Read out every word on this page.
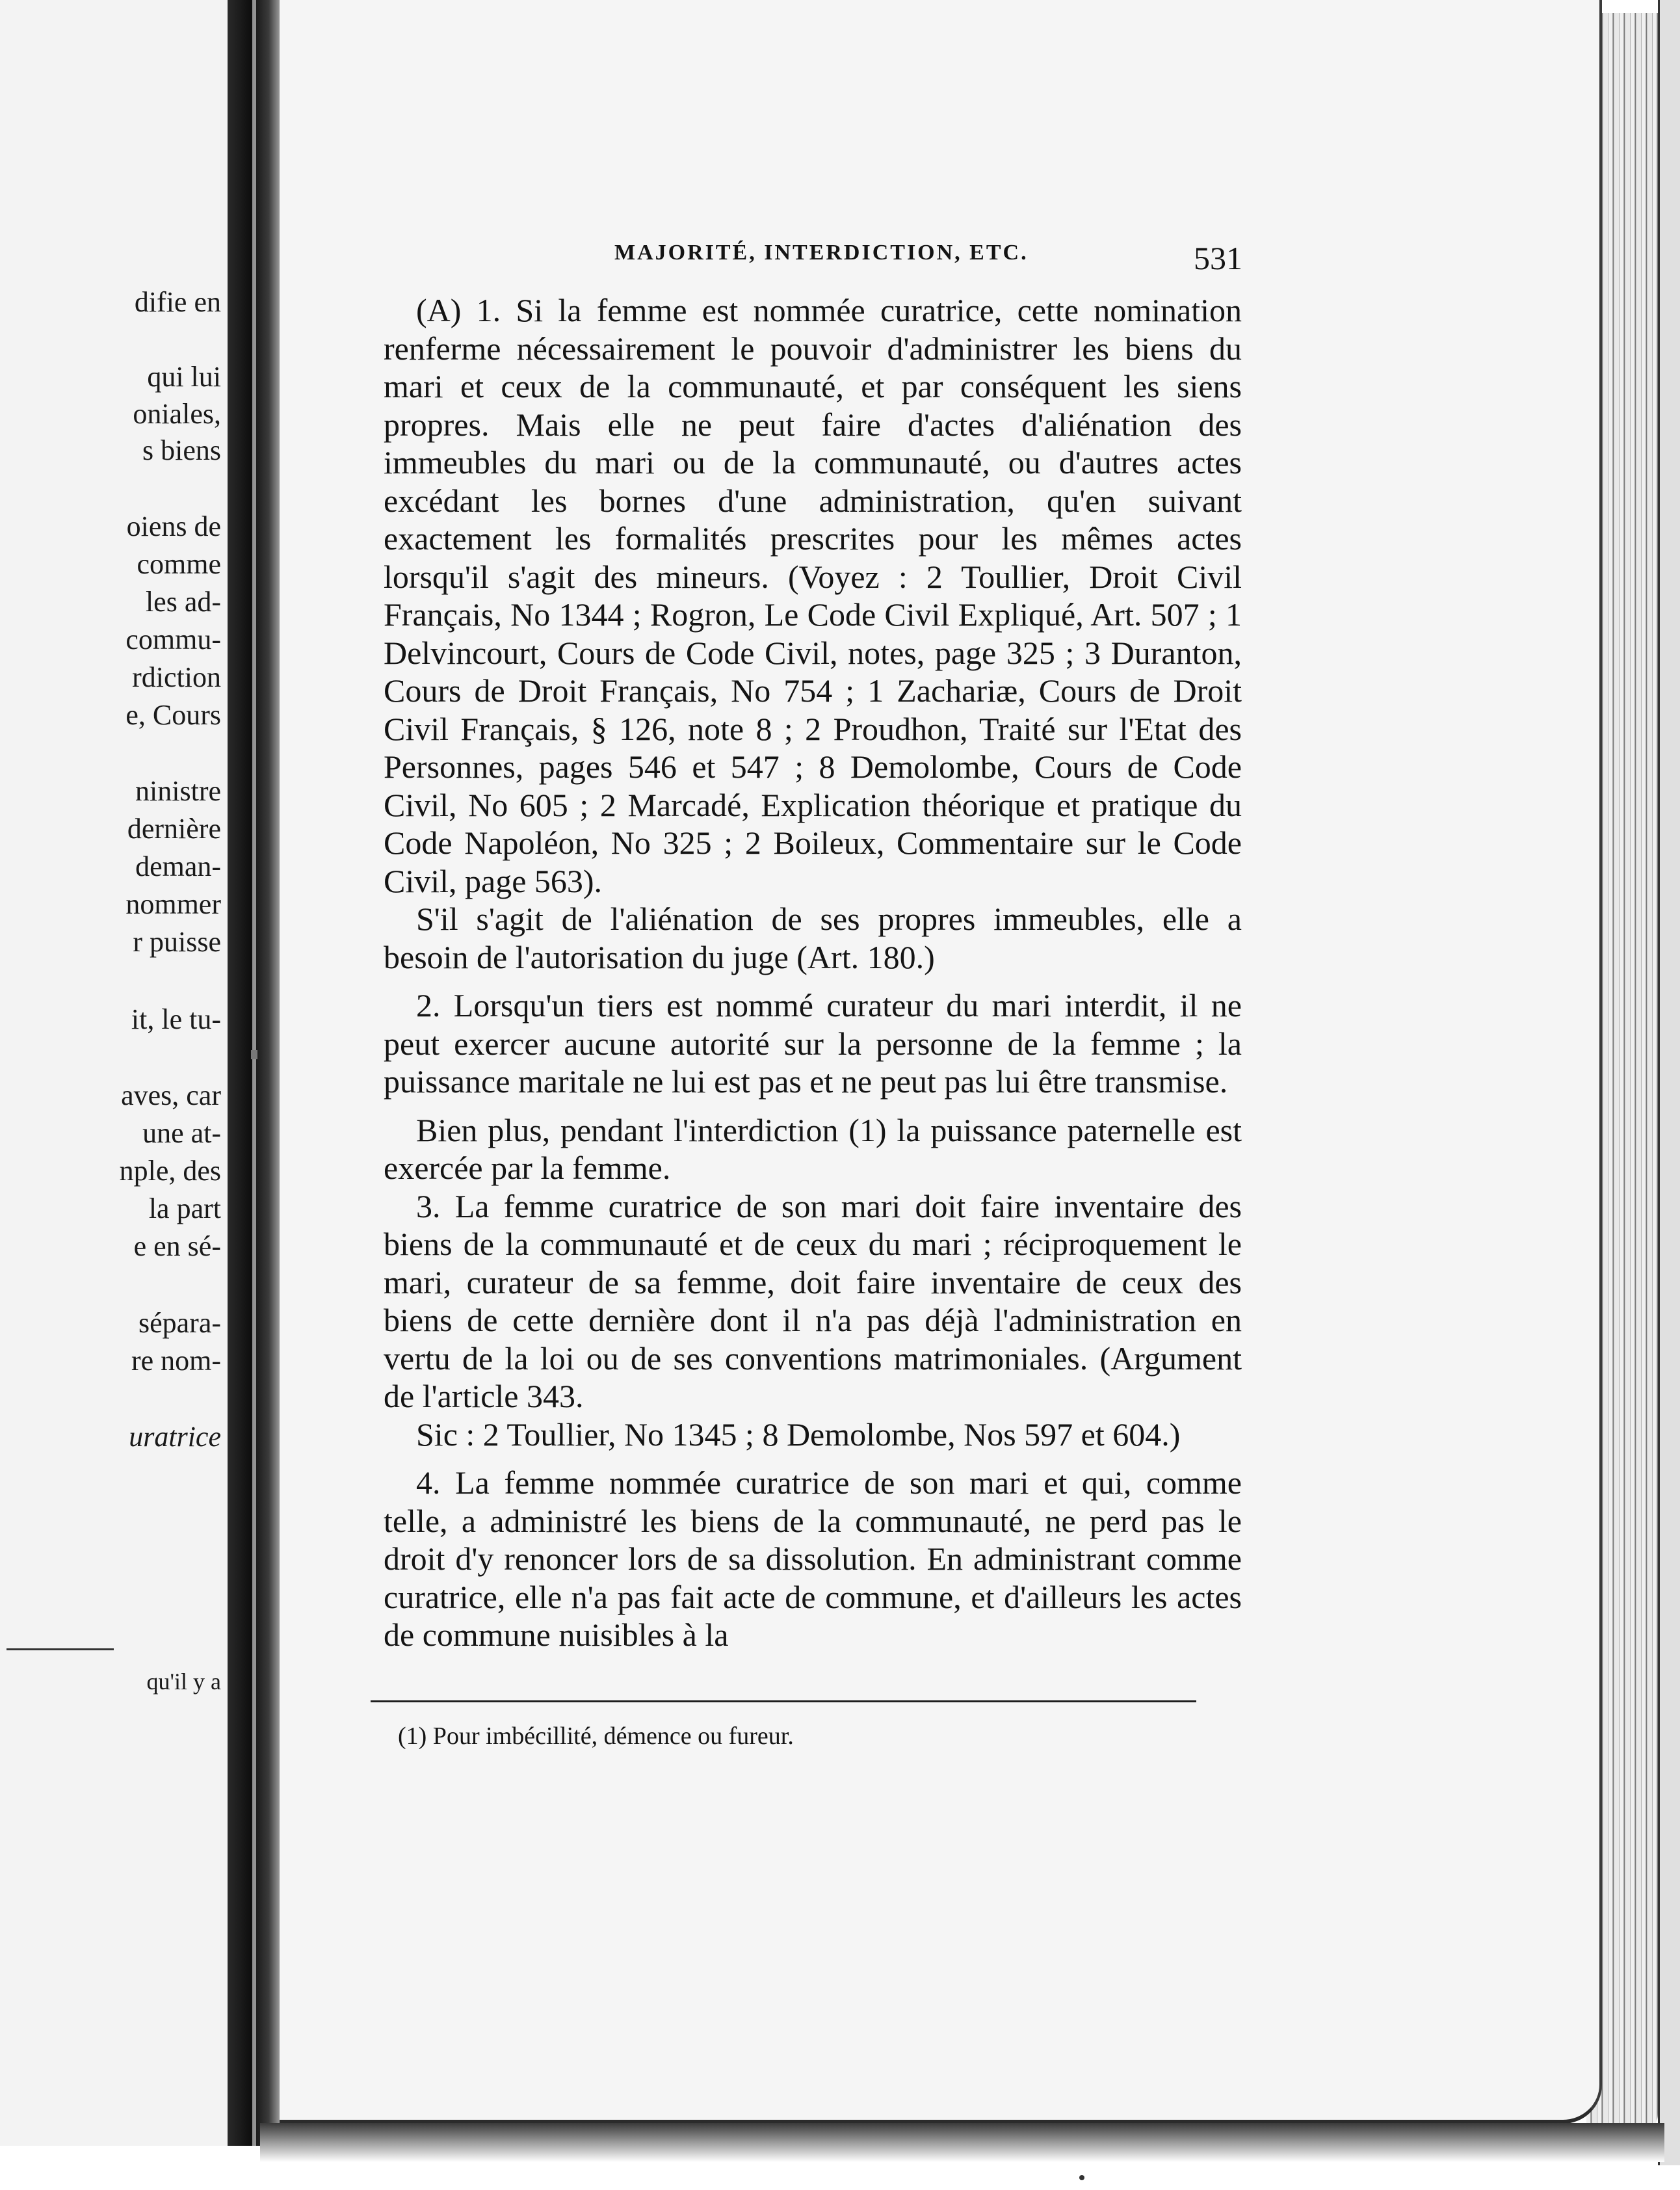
difie en
qui lui
oniales,
s biens
oiens de
comme
les ad-
commu-
rdiction
e, Cours
ninistre
dernière
deman-
nommer
r puisse
it, le tu-
aves, car
une at-
nple, des
la part
e en sé-
sépara-
re nom-
uratrice
qu'il y a
MAJORITÉ, INTERDICTION, ETC.	531

(A) 1. Si la femme est nommée curatrice, cette nomination renferme nécessairement le pouvoir d'administrer les biens du mari et ceux de la communauté, et par conséquent les siens propres. Mais elle ne peut faire d'actes d'aliénation des immeubles du mari ou de la communauté, ou d'autres actes excédant les bornes d'une administration, qu'en suivant exactement les formalités prescrites pour les mêmes actes lorsqu'il s'agit des mineurs. (Voyez : 2 Toullier, Droit Civil Français, No 1344 ; Rogron, Le Code Civil Expliqué, Art. 507 ; 1 Delvincourt, Cours de Code Civil, notes, page 325 ; 3 Duranton, Cours de Droit Français, No 754 ; 1 Zachariæ, Cours de Droit Civil Français, § 126, note 8 ; 2 Proudhon, Traité sur l'Etat des Personnes, pages 546 et 547 ; 8 Demolombe, Cours de Code Civil, No 605 ; 2 Marcadé, Explication théorique et pratique du Code Napoléon, No 325 ; 2 Boileux, Commentaire sur le Code Civil, page 563).

S'il s'agit de l'aliénation de ses propres immeubles, elle a besoin de l'autorisation du juge (Art. 180.)

2. Lorsqu'un tiers est nommé curateur du mari interdit, il ne peut exercer aucune autorité sur la personne de la femme ; la puissance maritale ne lui est pas et ne peut pas lui être transmise.

Bien plus, pendant l'interdiction (1) la puissance paternelle est exercée par la femme.

3. La femme curatrice de son mari doit faire inventaire des biens de la communauté et de ceux du mari ; réciproquement le mari, curateur de sa femme, doit faire inventaire de ceux des biens de cette dernière dont il n'a pas déjà l'administration en vertu de la loi ou de ses conventions matrimoniales. (Argument de l'article 343.

Sic : 2 Toullier, No 1345 ; 8 Demolombe, Nos 597 et 604.)

4. La femme nommée curatrice de son mari et qui, comme telle, a administré les biens de la communauté, ne perd pas le droit d'y renoncer lors de sa dissolution. En administrant comme curatrice, elle n'a pas fait acte de commune, et d'ailleurs les actes de commune nuisibles à la

(1) Pour imbécillité, démence ou fureur.
